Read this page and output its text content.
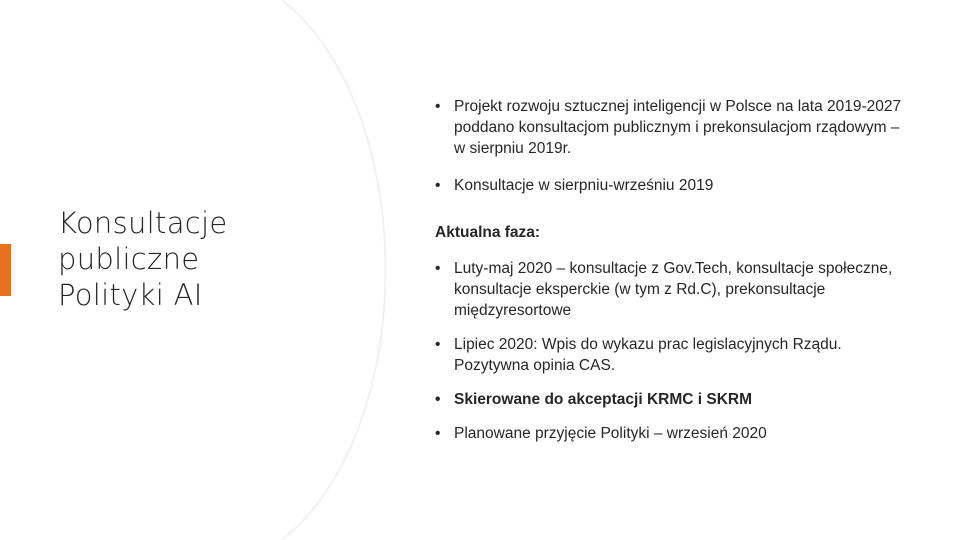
Konsultacje
publiczne
Polityki AI
• Projekt rozwoju sztucznej inteligencji w Polsce na lata 2019-2027 poddano konsultacjom publicznym i prekonsulacjom rządowym – w sierpniu 2019r.
• Konsultacje w sierpniu-wrześniu 2019
Aktualna faza:
• Luty-maj 2020 – konsultacje z Gov.Tech, konsultacje społeczne, konsultacje eksperckie (w tym z Rd.C), prekonsultacje międzyresortowe
• Lipiec 2020: Wpis do wykazu prac legislacyjnych Rządu. Pozytywna opinia CAS.
• Skierowane do akceptacji KRMC i SKRM
• Planowane przyjęcie Polityki – wrzesień 2020
